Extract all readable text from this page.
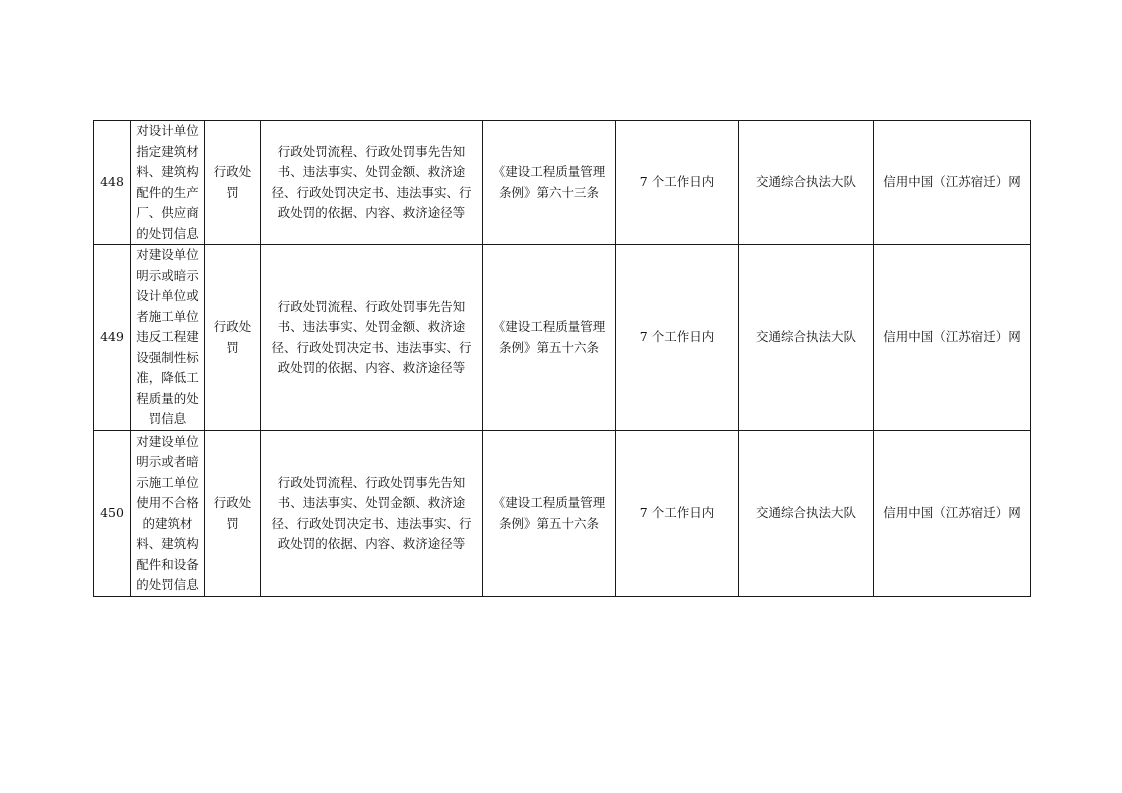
448	对设计单位指定建筑材料、建筑构配件的生产厂、供应商的处罚信息	行政处罚	行政处罚流程、行政处罚事先告知书、违法事实、处罚金额、救济途径、行政处罚决定书、违法事实、行政处罚的依据、内容、救济途径等	《建设工程质量管理条例》第六十三条	7 个工作日内	交通综合执法大队	信用中国（江苏宿迁）网
449	对建设单位明示或暗示设计单位或者施工单位违反工程建设强制性标准，降低工程质量的处罚信息	行政处罚	行政处罚流程、行政处罚事先告知书、违法事实、处罚金额、救济途径、行政处罚决定书、违法事实、行政处罚的依据、内容、救济途径等	《建设工程质量管理条例》第五十六条	7 个工作日内	交通综合执法大队	信用中国（江苏宿迁）网
450	对建设单位明示或者暗示施工单位使用不合格的建筑材料、建筑构配件和设备的处罚信息	行政处罚	行政处罚流程、行政处罚事先告知书、违法事实、处罚金额、救济途径、行政处罚决定书、违法事实、行政处罚的依据、内容、救济途径等	《建设工程质量管理条例》第五十六条	7 个工作日内	交通综合执法大队	信用中国（江苏宿迁）网
